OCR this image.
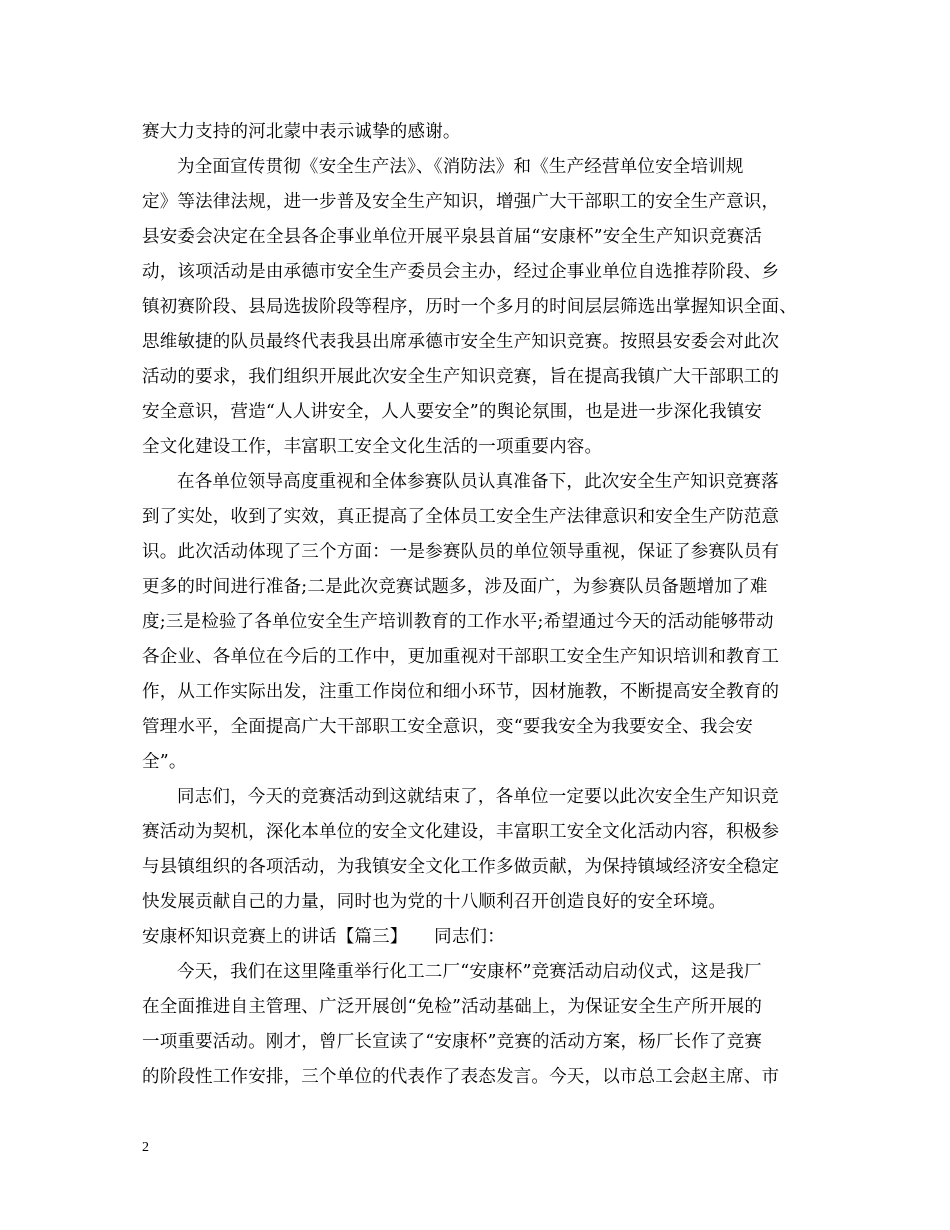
赛大力支持的河北蒙中表示诚挚的感谢。
为全面宣传贯彻《安全生产法》、《消防法》和《生产经营单位安全培训规
定》等法律法规，进一步普及安全生产知识，增强广大干部职工的安全生产意识，
县安委会决定在全县各企事业单位开展平泉县首届“安康杯”安全生产知识竞赛活
动，该项活动是由承德市安全生产委员会主办，经过企事业单位自选推荐阶段、乡
镇初赛阶段、县局选拔阶段等程序，历时一个多月的时间层层筛选出掌握知识全面、
思维敏捷的队员最终代表我县出席承德市安全生产知识竞赛。按照县安委会对此次
活动的要求，我们组织开展此次安全生产知识竞赛，旨在提高我镇广大干部职工的
安全意识，营造“人人讲安全，人人要安全”的舆论氛围，也是进一步深化我镇安
全文化建设工作，丰富职工安全文化生活的一项重要内容。
在各单位领导高度重视和全体参赛队员认真准备下，此次安全生产知识竞赛落
到了实处，收到了实效，真正提高了全体员工安全生产法律意识和安全生产防范意
识。此次活动体现了三个方面：一是参赛队员的单位领导重视，保证了参赛队员有
更多的时间进行准备;二是此次竞赛试题多，涉及面广，为参赛队员备题增加了难
度;三是检验了各单位安全生产培训教育的工作水平;希望通过今天的活动能够带动
各企业、各单位在今后的工作中，更加重视对干部职工安全生产知识培训和教育工
作，从工作实际出发，注重工作岗位和细小环节，因材施教，不断提高安全教育的
管理水平，全面提高广大干部职工安全意识，变“要我安全为我要安全、我会安
全”。
同志们，今天的竞赛活动到这就结束了，各单位一定要以此次安全生产知识竞
赛活动为契机，深化本单位的安全文化建设，丰富职工安全文化活动内容，积极参
与县镇组织的各项活动，为我镇安全文化工作多做贡献，为保持镇域经济安全稳定
快发展贡献自己的力量，同时也为党的十八顺利召开创造良好的安全环境。
安康杯知识竞赛上的讲话【篇三】　　同志们：
今天，我们在这里隆重举行化工二厂“安康杯”竞赛活动启动仪式，这是我厂
在全面推进自主管理、广泛开展创“免检”活动基础上，为保证安全生产所开展的
一项重要活动。刚才，曾厂长宣读了“安康杯”竞赛的活动方案，杨厂长作了竞赛
的阶段性工作安排，三个单位的代表作了表态发言。今天，以市总工会赵主席、市
2
